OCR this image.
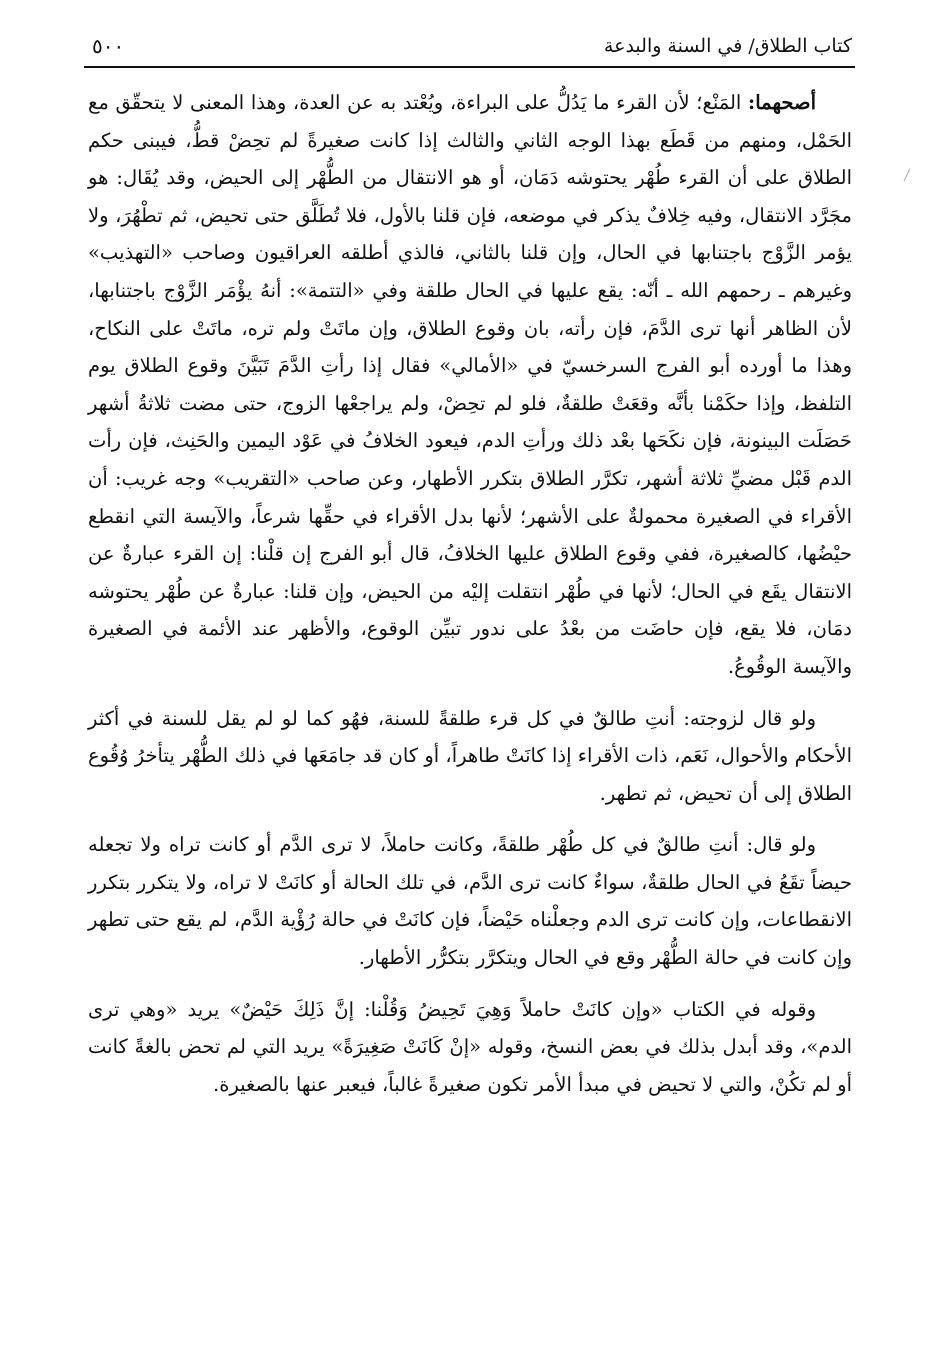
كتاب الطلاق/ في السنة والبدعة
٥٠٠

أصحهما: المَنْع؛ لأن القرء ما يَدُلُّ على البراءة، ويُعْتد به عن العدة، وهذا المعنى لا يتحقّق مع الحَمْل، ومنهم من قَطَع بهذا الوجه الثاني والثالث إذا كانت صغيرةً لم تحِضْ قطُّ، فيبنى حكم الطلاق على أن القرء طُهْر يحتوشه دَمَان، أو هو الانتقال من الطُّهْر إلى الحيض، وقد يُقَال: هو مجَرَّد الانتقال، وفيه خِلافٌ يذكر في موضعه، فإن قلنا بالأول، فلا تُطَلَّق حتى تحيض، ثم تطْهُرَ، ولا يؤمر الزَّوْج باجتنابها في الحال، وإن قلنا بالثاني، فالذي أطلقه العراقيون وصاحب «التهذيب» وغيرهم ـ رحمهم الله ـ أنّه: يقع عليها في الحال طلقة وفي «التتمة»: أنهُ يؤْمَر الزَّوْج باجتنابها، لأن الظاهر أنها ترى الدَّمَ، فإن رأته، بان وقوع الطلاق، وإن ماتَتْ ولم تره، ماتَتْ على النكاح، وهذا ما أورده أبو الفرج السرخسيّ في «الأمالي» فقال إذا رأتِ الدَّمَ تَبَيَّنَ وقوع الطلاق يوم التلفظ، وإذا حكَمْنا بأنَّه وقعَتْ طلقةٌ، فلو لم تحِضْ، ولم يراجعْها الزوج، حتى مضت ثلاثةُ أشهر حَصَلَت البينونة، فإن نكَحَها بعْد ذلك ورأتِ الدم، فيعود الخلافُ في عَوْد اليمين والحَنِث، فإن رأت الدم قَبْل مضيِّ ثلاثة أشهر، تكرَّر الطلاق بتكرر الأطهار، وعن صاحب «التقريب» وجه غريب: أن الأقراء في الصغيرة محمولةٌ على الأشهر؛ لأنها بدل الأقراء في حقِّها شرعاً، والآيسة التي انقطع حيْضُها، كالصغيرة، ففي وقوع الطلاق عليها الخلافُ، قال أبو الفرج إن قلْنا: إن القرء عبارةٌ عن الانتقال يقَع في الحال؛ لأنها في طُهْر انتقلت إليْه من الحيض، وإن قلنا: عبارةٌ عن طُهْر يحتوشه دمَان، فلا يقع، فإن حاضَت من بعْدُ على ندور تبيِّن الوقوع، والأظهر عند الأئمة في الصغيرة والآيسة الوقُوعُ.

ولو قال لزوجته: أنتِ طالقٌ في كل قرء طلقةً للسنة، فهُو كما لو لم يقل للسنة في أكثر الأحكام والأحوال، نَعَم، ذات الأقراء إذا كانَتْ طاهراً، أو كان قد جامَعَها في ذلك الطُّهْر يتأخرُ وُقُوع الطلاق إلى أن تحيض، ثم تطهر.

ولو قال: أنتِ طالقٌ في كل طُهْر طلقةً، وكانت حاملاً، لا ترى الدَّم أو كانت تراه ولا تجعله حيضاً تقَعُ في الحال طلقةٌ، سواءٌ كانت ترى الدَّم، في تلك الحالة أو كانَتْ لا تراه، ولا يتكرر بتكرر الانقطاعات، وإن كانت ترى الدم وجعلْناه حَيْضاً، فإن كانَتْ في حالة رُؤْية الدَّم، لم يقع حتى تطهر وإن كانت في حالة الطُّهْر وقع في الحال ويتكرَّر بتكرُّر الأطهار.

وقوله في الكتاب «وإن كانَتْ حاملاً وَهِيَ تَحِيضُ وَقُلْنا: إنَّ ذَلِكَ حَيْضٌ» يريد «وهي ترى الدم»، وقد أبدل بذلك في بعض النسخ، وقوله «إنْ كَانَتْ صَغِيرَةً» يريد التي لم تحض بالغةً كانت أو لم تكُنْ، والتي لا تحيض في مبدأ الأمر تكون صغيرةً غالباً، فيعبر عنها بالصغيرة.
